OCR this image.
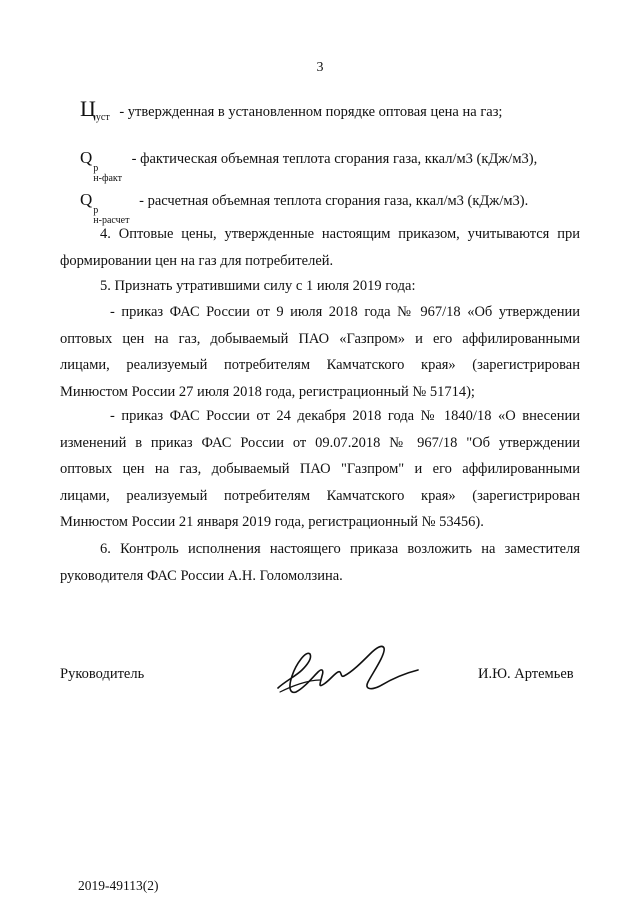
3
$Ц_{уст}$ - утвержденная в установленном порядке оптовая цена на газ;
Q
р
н-факт
- фактическая объемная теплота сгорания газа, ккал/м3 (кДж/м3),
Q
р
н-расчет
- расчетная объемная теплота сгорания газа, ккал/м3 (кДж/м3).
4. Оптовые цены, утвержденные настоящим приказом, учитываются при
формировании цен на газ для потребителей.
5. Признать утратившими силу с 1 июля 2019 года:
- приказ ФАС России от 9 июля 2018 года № 967/18 «Об утверждении
оптовых цен на газ, добываемый ПАО «Газпром» и его аффилированными
лицами, реализуемый потребителям Камчатского края» (зарегистрирован
Минюстом России 27 июля 2018 года, регистрационный № 51714);
- приказ ФАС России от 24 декабря 2018 года № 1840/18 «О внесении
изменений в приказ ФАС России от 09.07.2018 № 967/18 "Об утверждении
оптовых цен на газ, добываемый ПАО "Газпром" и его аффилированными
лицами, реализуемый потребителям Камчатского края» (зарегистрирован
Минюстом России 21 января 2019 года, регистрационный № 53456).
6. Контроль исполнения настоящего приказа возложить на заместителя
руководителя ФАС России А.Н. Голомолзина.
Руководитель	И.Ю. Артемьев
2019-49113(2)
